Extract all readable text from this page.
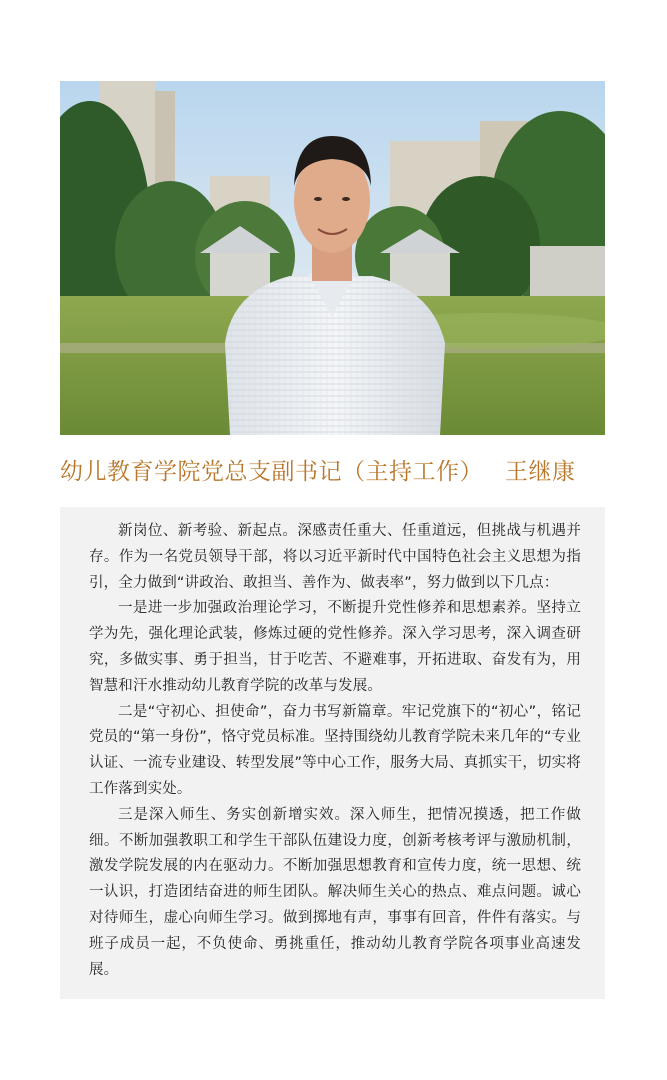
幼儿教育学院党总支副书记（主持工作） 王继康

新岗位、新考验、新起点。深感责任重大、任重道远，但挑战与机遇并存。作为一名党员领导干部，将以习近平新时代中国特色社会主义思想为指引，全力做到“讲政治、敢担当、善作为、做表率”，努力做到以下几点：

一是进一步加强政治理论学习，不断提升党性修养和思想素养。坚持立学为先，强化理论武装，修炼过硬的党性修养。深入学习思考，深入调查研究，多做实事、勇于担当，甘于吃苦、不避难事，开拓进取、奋发有为，用智慧和汗水推动幼儿教育学院的改革与发展。

二是“守初心、担使命”，奋力书写新篇章。牢记党旗下的“初心”，铭记党员的“第一身份”，恪守党员标准。坚持围绕幼儿教育学院未来几年的“专业认证、一流专业建设、转型发展”等中心工作，服务大局、真抓实干，切实将工作落到实处。

三是深入师生、务实创新增实效。深入师生，把情况摸透，把工作做细。不断加强教职工和学生干部队伍建设力度，创新考核考评与激励机制，激发学院发展的内在驱动力。不断加强思想教育和宣传力度，统一思想、统一认识，打造团结奋进的师生团队。解决师生关心的热点、难点问题。诚心对待师生，虚心向师生学习。做到掷地有声，事事有回音，件件有落实。与班子成员一起，不负使命、勇挑重任，推动幼儿教育学院各项事业高速发展。
